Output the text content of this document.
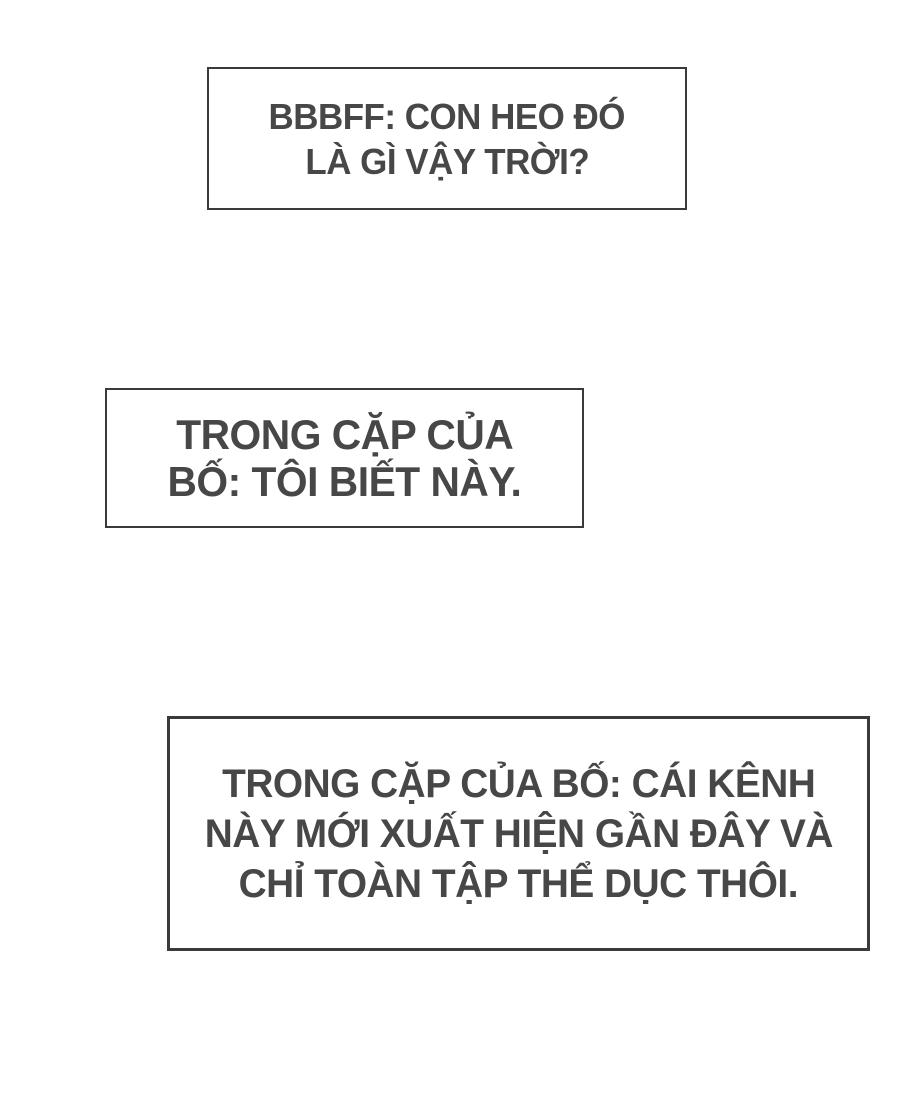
BBBFF: CON HEO ĐÓ
LÀ GÌ VẬY TRỜI?
TRONG CẶP CỦA
BỐ: TÔI BIẾT NÀY.
TRONG CẶP CỦA BỐ: CÁI KÊNH
NÀY MỚI XUẤT HIỆN GẦN ĐÂY VÀ
CHỈ TOÀN TẬP THỂ DỤC THÔI.
